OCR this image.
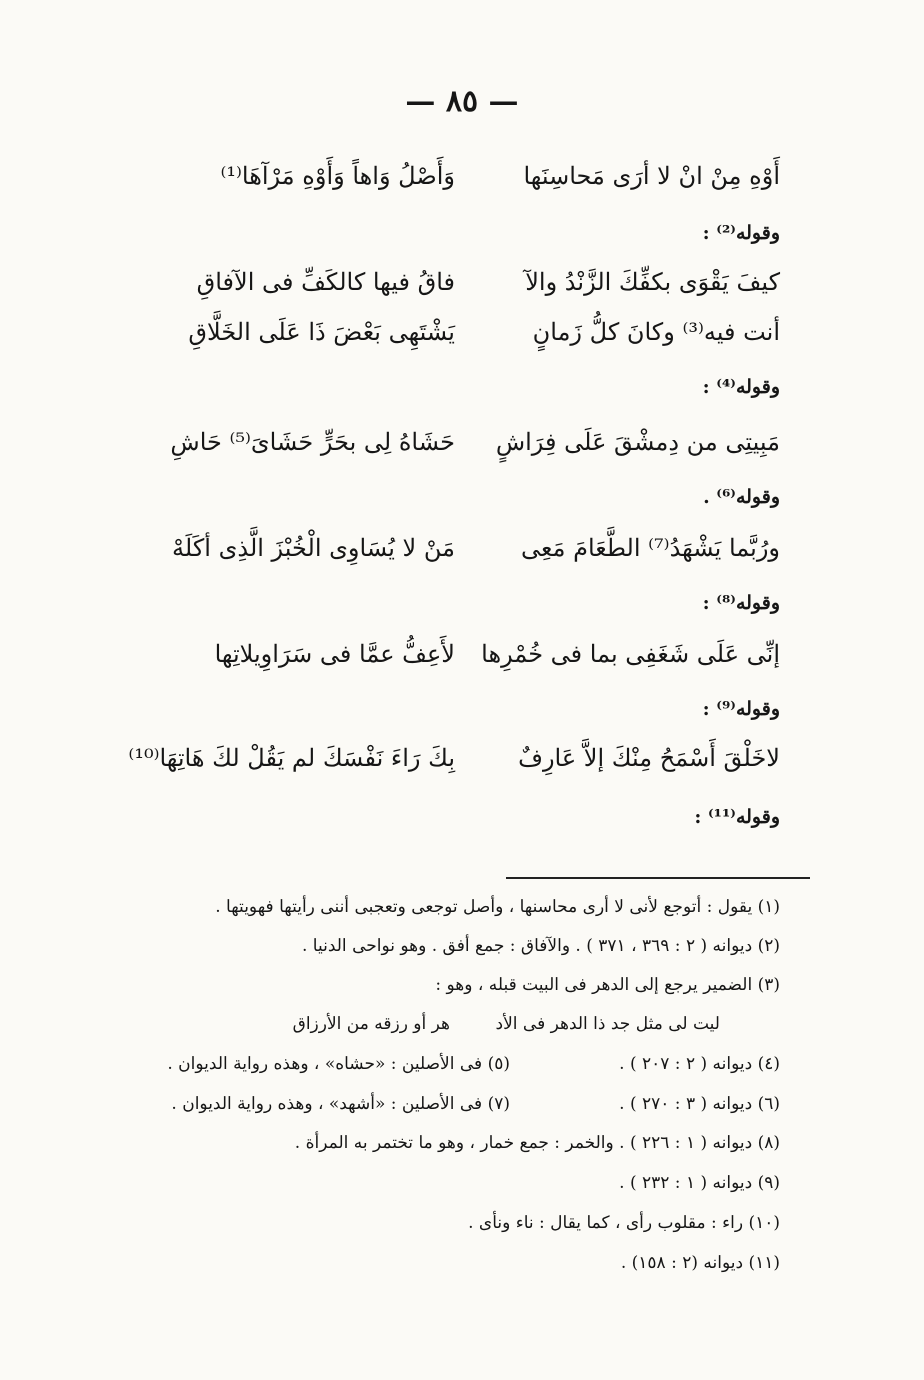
— ٨٥ —
أَوْهِ مِنْ انْ لا أرَى مَحاسِنَها
وَأَصْلُ وَاهاً وَأَوْهِ مَرْآهَا⁽¹⁾
وقوله⁽²⁾ :
كيفَ يَقْوَى بكفِّكَ الزَّنْدُ والآ
فاقُ فيها كالكَفِّ فى الآفاقِ
أنت فيه⁽³⁾ وكانَ كلُّ زَمانٍ
يَشْتَهِى بَعْضَ ذَا عَلَى الخَلَّاقِ
وقوله⁽⁴⁾ :
مَبِيتِى من دِمشْقَ عَلَى فِرَاشٍ
حَشَاهُ لِى بحَرٍّ حَشَاىَ⁽⁵⁾ حَاشِ
وقوله⁽⁶⁾ .
ورُبَّما يَشْهَدُ⁽⁷⁾ الطَّعَامَ مَعِى
مَنْ لا يُسَاوِى الْخُبْزَ الَّذِى أكَلَهْ
وقوله⁽⁸⁾ :
إنِّى عَلَى شَغَفِى بما فى خُمْرِها
لأَعِفُّ عمَّا فى سَرَاوِيلاتِها
وقوله⁽⁹⁾ :
لاخَلْقَ أَسْمَحُ مِنْكَ إلاَّ عَارِفٌ
بِكَ رَاءَ نَفْسَكَ لم يَقُلْ لكَ هَاتِهَا⁽¹⁰⁾
وقوله⁽¹¹⁾ :
(١) يقول : أتوجع لأنى لا أرى محاسنها ، وأصل توجعى وتعجبى أننى رأيتها فهويتها .
(٢) ديوانه ( ٢ : ٣٦٩ ، ٣٧١ ) . والآفاق : جمع أفق . وهو نواحى الدنيا .
(٣) الضمير يرجع إلى الدهر فى البيت قبله ، وهو :
ليت لى مثل جد ذا الدهر فى الأد
هر أو رزقه من الأرزاق
(٤) ديوانه ( ٢ : ٢٠٧ ) .
(٥) فى الأصلين : «حشاه» ، وهذه رواية الديوان .
(٦) ديوانه ( ٣ : ٢٧٠ ) .
(٧) فى الأصلين : «أشهد» ، وهذه رواية الديوان .
(٨) ديوانه ( ١ : ٢٢٦ ) . والخمر : جمع خمار ، وهو ما تختمر به المرأة .
(٩) ديوانه ( ١ : ٢٣٢ ) .
(١٠) راء : مقلوب رأى ، كما يقال : ناء ونأى .
(١١) ديوانه (٢ : ١٥٨) .
